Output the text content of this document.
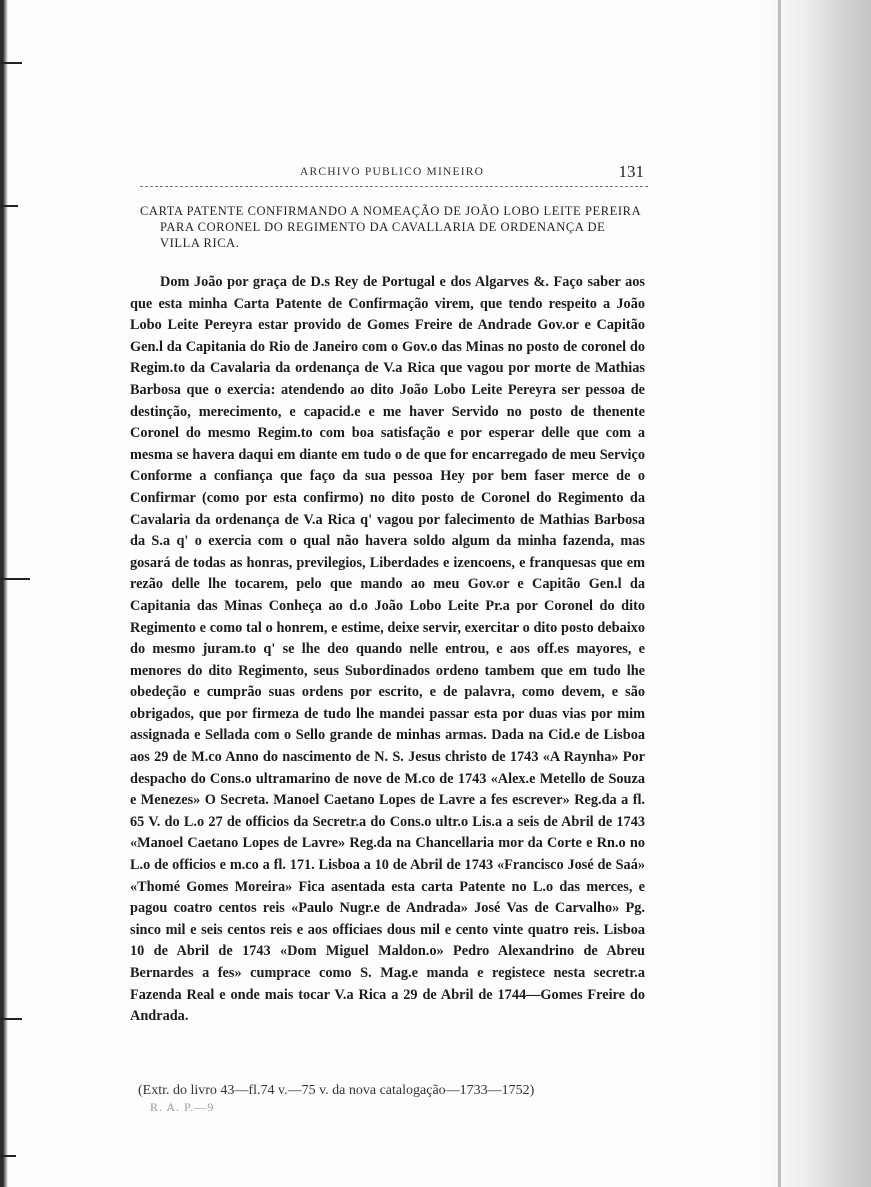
ARCHIVO PUBLICO MINEIRO	131
CARTA PATENTE CONFIRMANDO A NOMEAÇÃO DE JOÃO LOBO LEITE PEREIRA
PARA CORONEL DO REGIMENTO DA CAVALLARIA DE ORDENANÇA DE
VILLA RICA.
Dom João por graça de D.s Rey de Portugal e dos Algarves &. Faço saber aos que esta minha Carta Patente de Confirmação virem, que tendo respeito a João Lobo Leite Pereyra estar provido de Gomes Freire de Andrade Gov.or e Capitão Gen.l da Capitania do Rio de Janeiro com o Gov.o das Minas no posto de coronel do Regim.to da Cavalaria da ordenança de V.a Rica que vagou por morte de Mathias Barbosa que o exercia: atendendo ao dito João Lobo Leite Pereyra ser pessoa de destinção, merecimento, e capacid.e e me haver Servido no posto de thenente Coronel do mesmo Regim.to com boa satisfação e por esperar delle que com a mesma se havera daqui em diante em tudo o de que for encarregado de meu Serviço Conforme a confiança que faço da sua pessoa Hey por bem faser merce de o Confirmar (como por esta confirmo) no dito posto de Coronel do Regimento da Cavalaria da ordenança de V.a Rica q' vagou por falecimento de Mathias Barbosa da S.a q' o exercia com o qual não havera soldo algum da minha fazenda, mas gosará de todas as honras, previlegios, Liberdades e izencoens, e franquesas que em rezão delle lhe tocarem, pelo que mando ao meu Gov.or e Capitão Gen.l da Capitania das Minas Conheça ao d.o João Lobo Leite Pr.a por Coronel do dito Regimento e como tal o honrem, e estime, deixe servir, exercitar o dito posto debaixo do mesmo juram.to q' se lhe deo quando nelle entrou, e aos off.es mayores, e menores do dito Regimento, seus Subordinados ordeno tambem que em tudo lhe obedeção e cumprão suas ordens por escrito, e de palavra, como devem, e são obrigados, que por firmeza de tudo lhe mandei passar esta por duas vias por mim assignada e Sellada com o Sello grande de minhas armas. Dada na Cid.e de Lisboa aos 29 de M.co Anno do nascimento de N. S. Jesus christo de 1743 «A Raynha» Por despacho do Cons.o ultramarino de nove de M.co de 1743 «Alex.e Metello de Souza e Menezes» O Secreta. Manoel Caetano Lopes de Lavre a fes escrever» Reg.da a fl. 65 V. do L.o 27 de officios da Secretr.a do Cons.o ultr.o Lis.a a seis de Abril de 1743 «Manoel Caetano Lopes de Lavre» Reg.da na Chancellaria mor da Corte e Rn.o no L.o de officios e m.co a fl. 171. Lisboa a 10 de Abril de 1743 «Francisco José de Saá» «Thomé Gomes Moreira» Fica asentada esta carta Patente no L.o das merces, e pagou coatro centos reis «Paulo Nugr.e de Andrada» José Vas de Carvalho» Pg. sinco mil e seis centos reis e aos officiaes dous mil e cento vinte quatro reis. Lisboa 10 de Abril de 1743 «Dom Miguel Maldon.o» Pedro Alexandrino de Abreu Bernardes a fes» cumprace como S. Mag.e manda e registece nesta secretr.a Fazenda Real e onde mais tocar V.a Rica a 29 de Abril de 1744—Gomes Freire do Andrada.
(Extr. do livro 43—fl.74 v.—75 v. da nova catalogação—1733—1752)
R. A. P.—9
